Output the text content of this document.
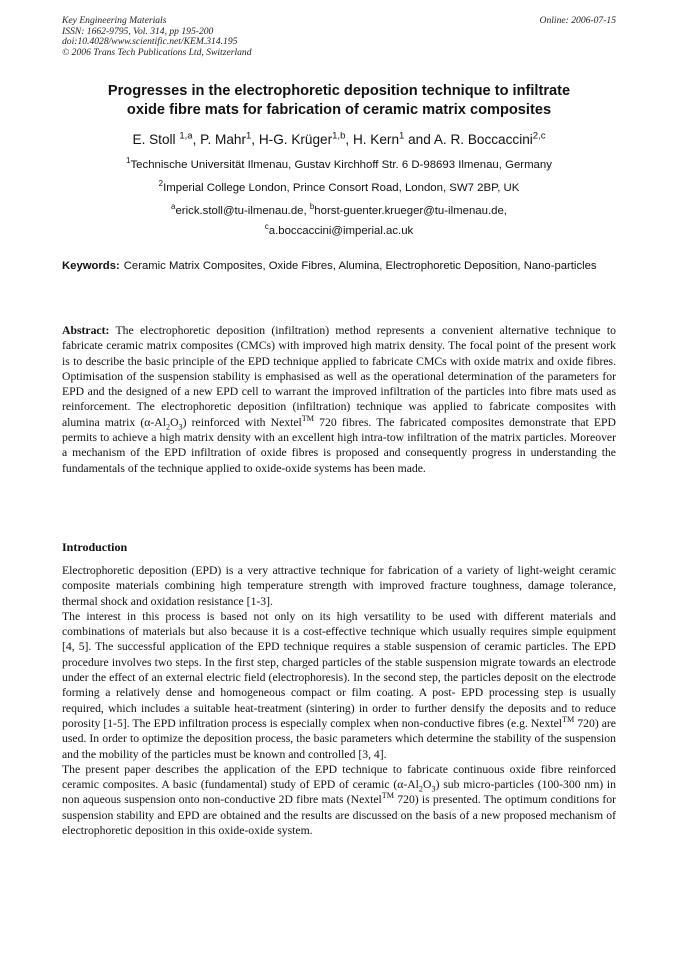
Key Engineering Materials
ISSN: 1662-9795, Vol. 314, pp 195-200
doi:10.4028/www.scientific.net/KEM.314.195
© 2006 Trans Tech Publications Ltd, Switzerland
Online: 2006-07-15
Progresses in the electrophoretic deposition technique to infiltrate
oxide fibre mats for fabrication of ceramic matrix composites
E. Stoll $^{1,a}$, P. Mahr$^1$, H-G. Krüger$^{1,b}$, H. Kern$^1$ and A. R. Boccaccini$^{2,c}$
$^1$Technische Universität Ilmenau, Gustav Kirchhoff Str. 6 D-98693 Ilmenau, Germany
$^2$Imperial College London, Prince Consort Road, London, SW7 2BP, UK
$^a$erick.stoll@tu-ilmenau.de, $^b$horst-guenter.krueger@tu-ilmenau.de,
$^c$a.boccaccini@imperial.ac.uk
Keywords: Ceramic Matrix Composites, Oxide Fibres, Alumina, Electrophoretic Deposition, Nano-particles
Abstract: The electrophoretic deposition (infiltration) method represents a convenient alternative technique to fabricate ceramic matrix composites (CMCs) with improved high matrix density. The focal point of the present work is to describe the basic principle of the EPD technique applied to fabricate CMCs with oxide matrix and oxide fibres. Optimisation of the suspension stability is emphasised as well as the operational determination of the parameters for EPD and the designed of a new EPD cell to warrant the improved infiltration of the particles into fibre mats used as reinforcement. The electrophoretic deposition (infiltration) technique was applied to fabricate composites with alumina matrix $(\alpha-Al_2O_3)$ reinforced with Nextel™ 720 fibres. The fabricated composites demonstrate that EPD permits to achieve a high matrix density with an excellent high intra-tow infiltration of the matrix particles. Moreover a mechanism of the EPD infiltration of oxide fibres is proposed and consequently progress in understanding the fundamentals of the technique applied to oxide-oxide systems has been made.
Introduction

Electrophoretic deposition (EPD) is a very attractive technique for fabrication of a variety of light-weight ceramic composite materials combining high temperature strength with improved fracture toughness, damage tolerance, thermal shock and oxidation resistance [1-3].

The interest in this process is based not only on its high versatility to be used with different materials and combinations of materials but also because it is a cost-effective technique which usually requires simple equipment [4, 5]. The successful application of the EPD technique requires a stable suspension of ceramic particles. The EPD procedure involves two steps. In the first step, charged particles of the stable suspension migrate towards an electrode under the effect of an external electric field (electrophoresis). In the second step, the particles deposit on the electrode forming a relatively dense and homogeneous compact or film coating. A post- EPD processing step is usually required, which includes a suitable heat-treatment (sintering) in order to further densify the deposits and to reduce porosity [1-5]. The EPD infiltration process is especially complex when non-conductive fibres (e.g. Nextel™ 720) are used. In order to optimize the deposition process, the basic parameters which determine the stability of the suspension and the mobility of the particles must be known and controlled [3, 4].

The present paper describes the application of the EPD technique to fabricate continuous oxide fibre reinforced ceramic composites. A basic (fundamental) study of EPD of ceramic $(\alpha-Al_2O_3)$ sub micro-particles (100-300 nm) in non aqueous suspension onto non-conductive 2D fibre mats (Nextel™ 720) is presented. The optimum conditions for suspension stability and EPD are obtained and the results are discussed on the basis of a new proposed mechanism of electrophoretic deposition in this oxide-oxide system.
